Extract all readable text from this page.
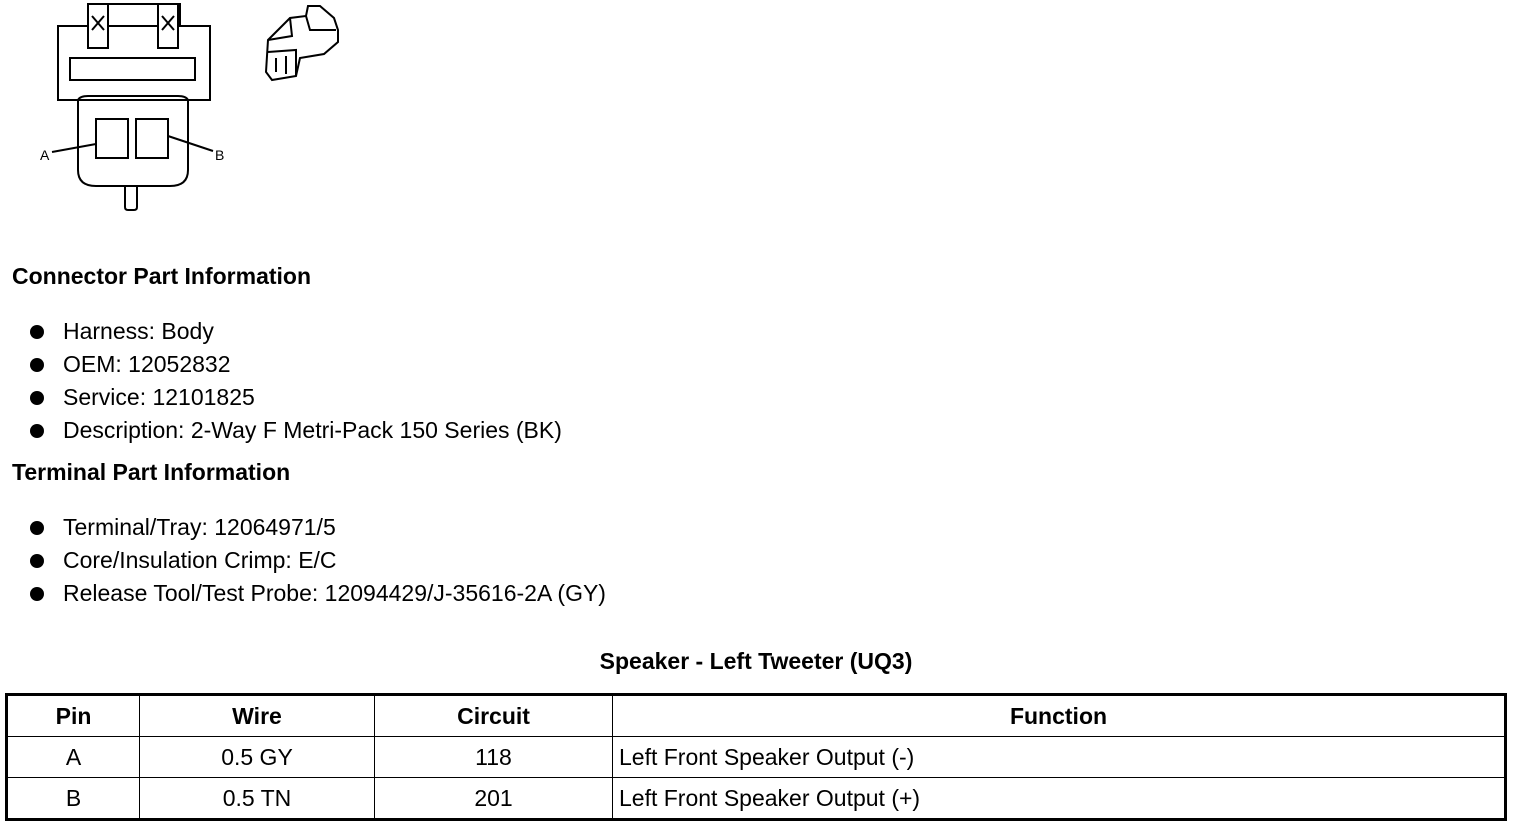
A	B
Connector Part Information
Harness: Body
OEM: 12052832
Service: 12101825
Description: 2-Way F Metri-Pack 150 Series (BK)
Terminal Part Information
Terminal/Tray: 12064971/5
Core/Insulation Crimp: E/C
Release Tool/Test Probe: 12094429/J-35616-2A (GY)
Speaker - Left Tweeter (UQ3)
Pin	Wire	Circuit	Function
A	0.5 GY	118	Left Front Speaker Output (-)
B	0.5 TN	201	Left Front Speaker Output (+)
